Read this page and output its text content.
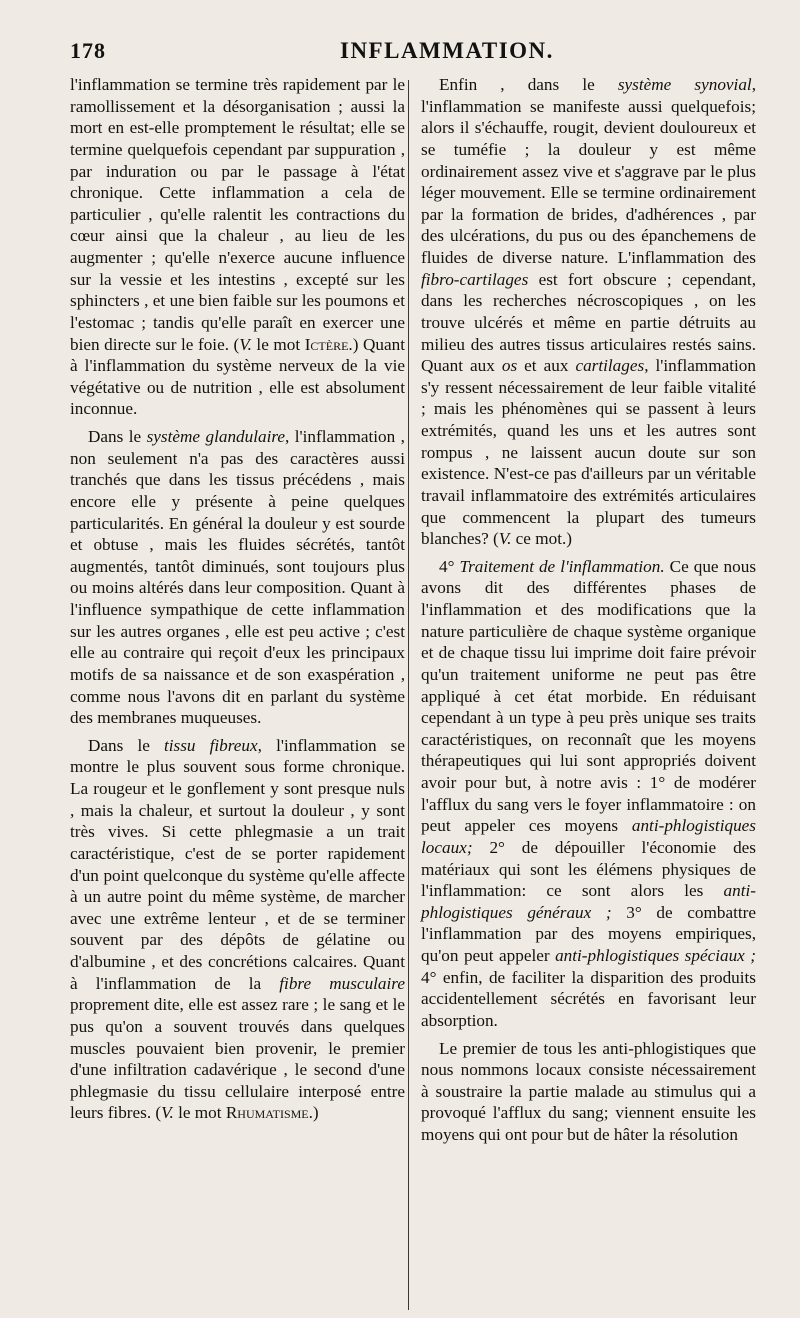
178	INFLAMMATION.

l'inflammation se termine très rapidement par le ramollissement et la désorganisation ; aussi la mort en est-elle promptement le résultat; elle se termine quelquefois cependant par suppuration , par induration ou par le passage à l'état chronique. Cette inflammation a cela de particulier , qu'elle ralentit les contractions du cœur ainsi que la chaleur , au lieu de les augmenter ; qu'elle n'exerce aucune influence sur la vessie et les intestins , excepté sur les sphincters , et une bien faible sur les poumons et l'estomac ; tandis qu'elle paraît en exercer une bien directe sur le foie. (V. le mot Ictère.) Quant à l'inflammation du système nerveux de la vie végétative ou de nutrition , elle est absolument inconnue.

Dans le système glandulaire, l'inflammation , non seulement n'a pas des caractères aussi tranchés que dans les tissus précédens , mais encore elle y présente à peine quelques particularités. En général la douleur y est sourde et obtuse , mais les fluides sécrétés, tantôt augmentés, tantôt diminués, sont toujours plus ou moins altérés dans leur composition. Quant à l'influence sympathique de cette inflammation sur les autres organes , elle est peu active ; c'est elle au contraire qui reçoit d'eux les principaux motifs de sa naissance et de son exaspération , comme nous l'avons dit en parlant du système des membranes muqueuses.

Dans le tissu fibreux, l'inflammation se montre le plus souvent sous forme chronique. La rougeur et le gonflement y sont presque nuls , mais la chaleur, et surtout la douleur , y sont très vives. Si cette phlegmasie a un trait caractéristique, c'est de se porter rapidement d'un point quelconque du système qu'elle affecte à un autre point du même système, de marcher avec une extrême lenteur , et de se terminer souvent par des dépôts de gélatine ou d'albumine , et des concrétions calcaires. Quant à l'inflammation de la fibre musculaire proprement dite, elle est assez rare ; le sang et le pus qu'on a souvent trouvés dans quelques muscles pouvaient bien provenir, le premier d'une infiltration cadavérique , le second d'une phlegmasie du tissu cellulaire interposé entre leurs fibres. (V. le mot Rhumatisme.)

Enfin , dans le système synovial, l'inflammation se manifeste aussi quelquefois; alors il s'échauffe, rougit, devient douloureux et se tuméfie ; la douleur y est même ordinairement assez vive et s'aggrave par le plus léger mouvement. Elle se termine ordinairement par la formation de brides, d'adhérences , par des ulcérations, du pus ou des épanchemens de fluides de diverse nature. L'inflammation des fibro-cartilages est fort obscure ; cependant, dans les recherches nécroscopiques , on les trouve ulcérés et même en partie détruits au milieu des autres tissus articulaires restés sains. Quant aux os et aux cartilages, l'inflammation s'y ressent nécessairement de leur faible vitalité ; mais les phénomènes qui se passent à leurs extrémités, quand les uns et les autres sont rompus , ne laissent aucun doute sur son existence. N'est-ce pas d'ailleurs par un véritable travail inflammatoire des extrémités articulaires que commencent la plupart des tumeurs blanches? (V. ce mot.)

4° Traitement de l'inflammation. Ce que nous avons dit des différentes phases de l'inflammation et des modifications que la nature particulière de chaque système organique et de chaque tissu lui imprime doit faire prévoir qu'un traitement uniforme ne peut pas être appliqué à cet état morbide. En réduisant cependant à un type à peu près unique ses traits caractéristiques, on reconnaît que les moyens thérapeutiques qui lui sont appropriés doivent avoir pour but, à notre avis : 1° de modérer l'afflux du sang vers le foyer inflammatoire : on peut appeler ces moyens anti-phlogistiques locaux; 2° de dépouiller l'économie des matériaux qui sont les élémens physiques de l'inflammation: ce sont alors les anti-phlogistiques généraux ; 3° de combattre l'inflammation par des moyens empiriques, qu'on peut appeler anti-phlogistiques spéciaux ; 4° enfin, de faciliter la disparition des produits accidentellement sécrétés en favorisant leur absorption.

Le premier de tous les anti-phlogistiques que nous nommons locaux consiste nécessairement à soustraire la partie malade au stimulus qui a provoqué l'afflux du sang; viennent ensuite les moyens qui ont pour but de hâter la résolution
